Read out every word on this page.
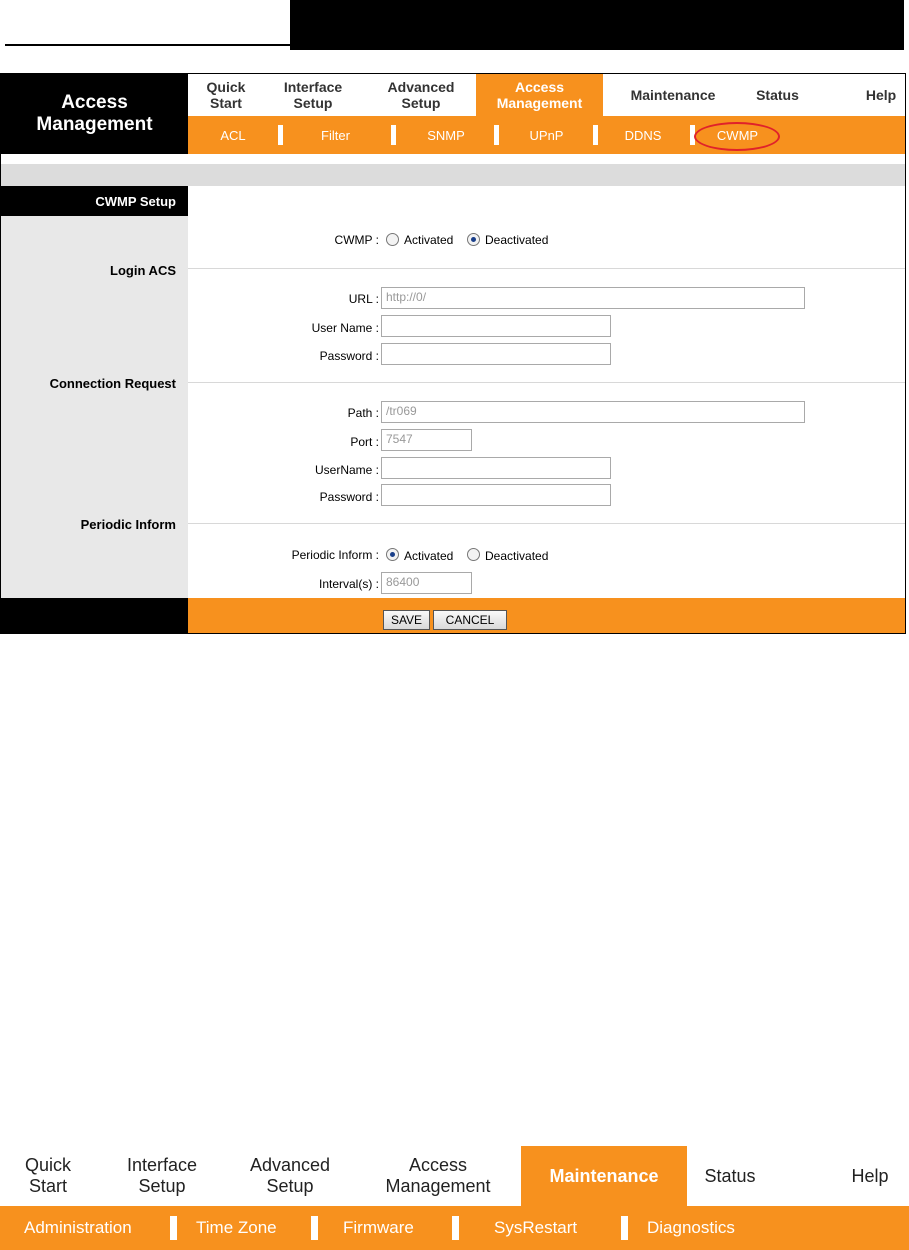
Access
Management
Quick
Start
Interface
Setup
Advanced
Setup
Access
Management	Maintenance	Status	Help
ACL	Filter	SNMP	UPnP	DDNS	CWMP
CWMP Setup
CWMP : Activated	Deactivated
Login ACS
URL : http://0/
User Name :
Password :
Connection Request
Path : /tr069
Port : 7547
UserName :
Password :
Periodic Inform
Periodic Inform : Activated	Deactivated
Interval(s) : 86400
SAVE	CANCEL
Quick
Start
Interface
Setup
Advanced
Setup
Access
Management
Maintenance	Status	Help
Administration	Time Zone	Firmware	SysRestart	Diagnostics
